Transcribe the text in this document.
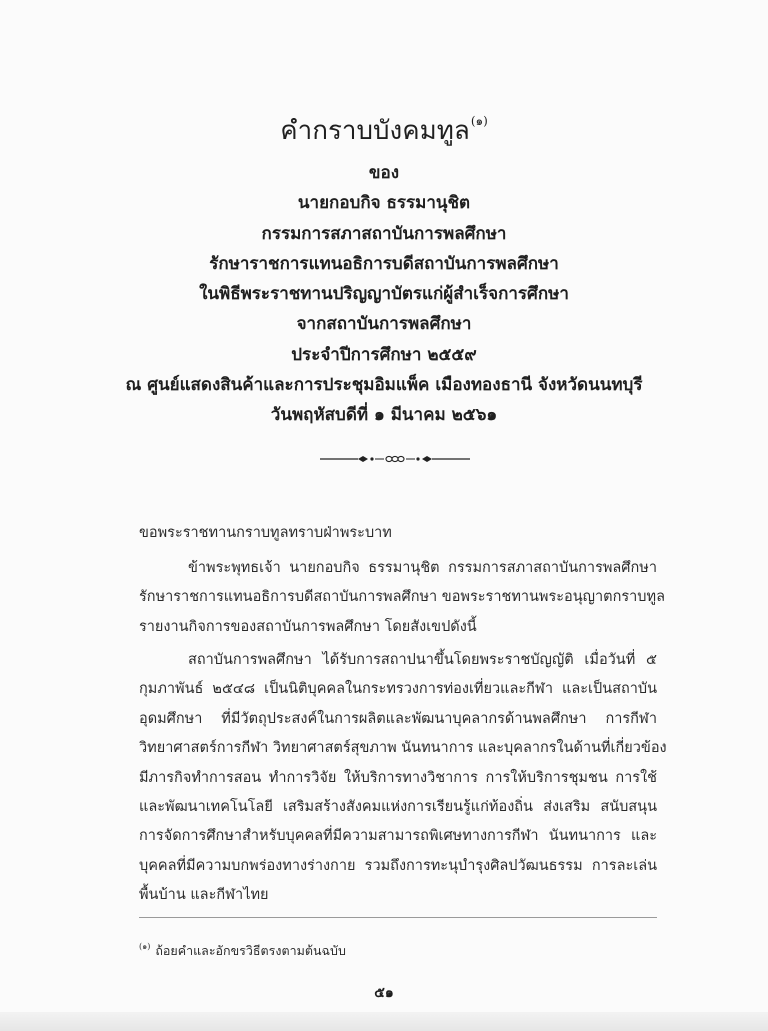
คำกราบบังคมทูล$^{(๑)}$
ของ
นายกอบกิจ ธรรมานุชิต
กรรมการสภาสถาบันการพลศึกษา
รักษาราชการแทนอธิการบดีสถาบันการพลศึกษา
ในพิธีพระราชทานปริญญาบัตรแก่ผู้สำเร็จการศึกษา
จากสถาบันการพลศึกษา
ประจำปีการศึกษา ๒๕๕๙
ณ ศูนย์แสดงสินค้าและการประชุมอิมแพ็ค เมืองทองธานี จังหวัดนนทบุรี
วันพฤหัสบดีที่ ๑ มีนาคม ๒๕๖๑
ขอพระราชทานกราบทูลทราบฝ่าพระบาท
ข้าพระพุทธเจ้า นายกอบกิจ ธรรมานุชิต กรรมการสภาสถาบันการพลศึกษา
รักษาราชการแทนอธิการบดีสถาบันการพลศึกษา ขอพระราชทานพระอนุญาตกราบทูล
รายงานกิจการของสถาบันการพลศึกษา โดยสังเขปดังนี้
สถาบันการพลศึกษา ได้รับการสถาปนาขึ้นโดยพระราชบัญญัติ เมื่อวันที่ ๕
กุมภาพันธ์ ๒๕๔๘ เป็นนิติบุคคลในกระทรวงการท่องเที่ยวและกีฬา และเป็นสถาบัน
อุดมศึกษา ที่มีวัตถุประสงค์ในการผลิตและพัฒนาบุคลากรด้านพลศึกษา การกีฬา
วิทยาศาสตร์การกีฬา วิทยาศาสตร์สุขภาพ นันทนาการ และบุคลากรในด้านที่เกี่ยวข้อง
มีภารกิจทำการสอน ทำการวิจัย ให้บริการทางวิชาการ การให้บริการชุมชน การใช้
และพัฒนาเทคโนโลยี เสริมสร้างสังคมแห่งการเรียนรู้แก่ท้องถิ่น ส่งเสริม สนับสนุน
การจัดการศึกษาสำหรับบุคคลที่มีความสามารถพิเศษทางการกีฬา นันทนาการ และ
บุคคลที่มีความบกพร่องทางร่างกาย รวมถึงการทะนุบำรุงศิลปวัฒนธรรม การละเล่น
พื้นบ้าน และกีฬาไทย
$^{(๑)}$ ถ้อยคำและอักขรวิธีตรงตามต้นฉบับ
๕๑
